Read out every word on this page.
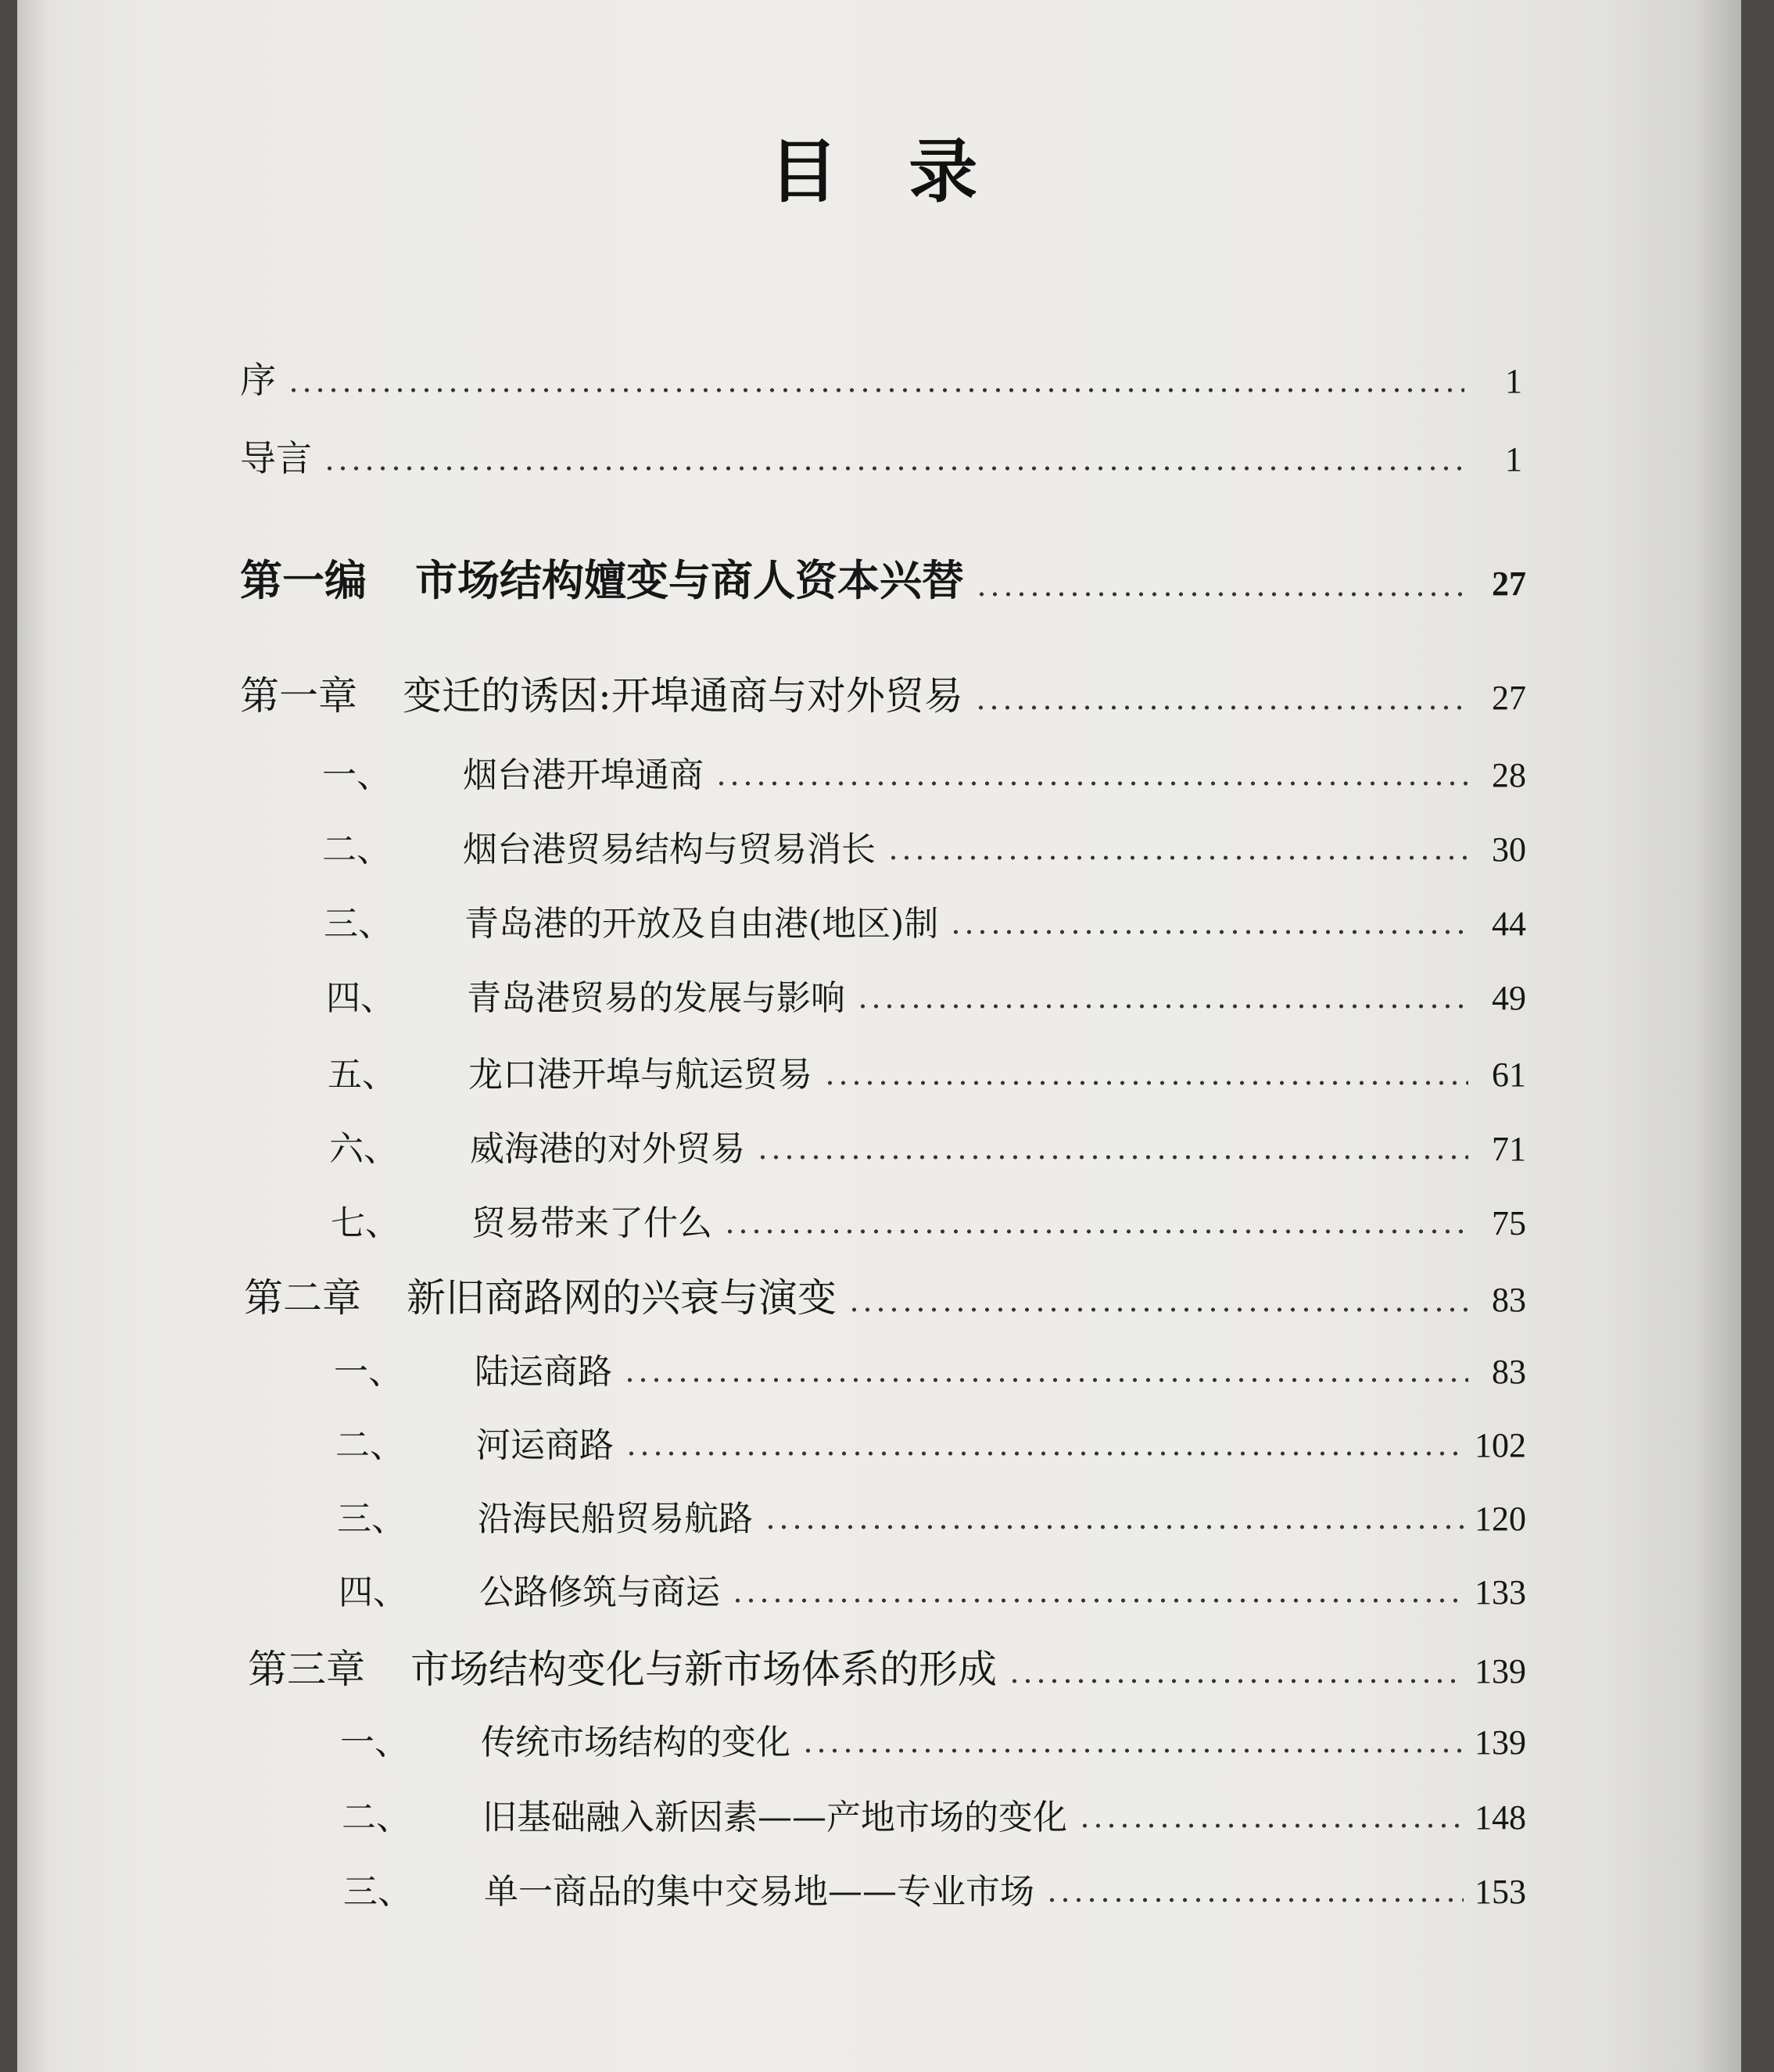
目 录
序	1
导言	1
第一编 市场结构嬗变与商人资本兴替	27
第一章 变迁的诱因:开埠通商与对外贸易	27
一、	烟台港开埠通商	28
二、	烟台港贸易结构与贸易消长	30
三、	青岛港的开放及自由港(地区)制	44
四、	青岛港贸易的发展与影响	49
五、	龙口港开埠与航运贸易	61
六、	威海港的对外贸易	71
七、	贸易带来了什么	75
第二章 新旧商路网的兴衰与演变	83
一、	陆运商路	83
二、	河运商路	102
三、	沿海民船贸易航路	120
四、	公路修筑与商运	133
第三章 市场结构变化与新市场体系的形成	139
一、	传统市场结构的变化	139
二、	旧基础融入新因素——产地市场的变化	148
三、	单一商品的集中交易地——专业市场	153
